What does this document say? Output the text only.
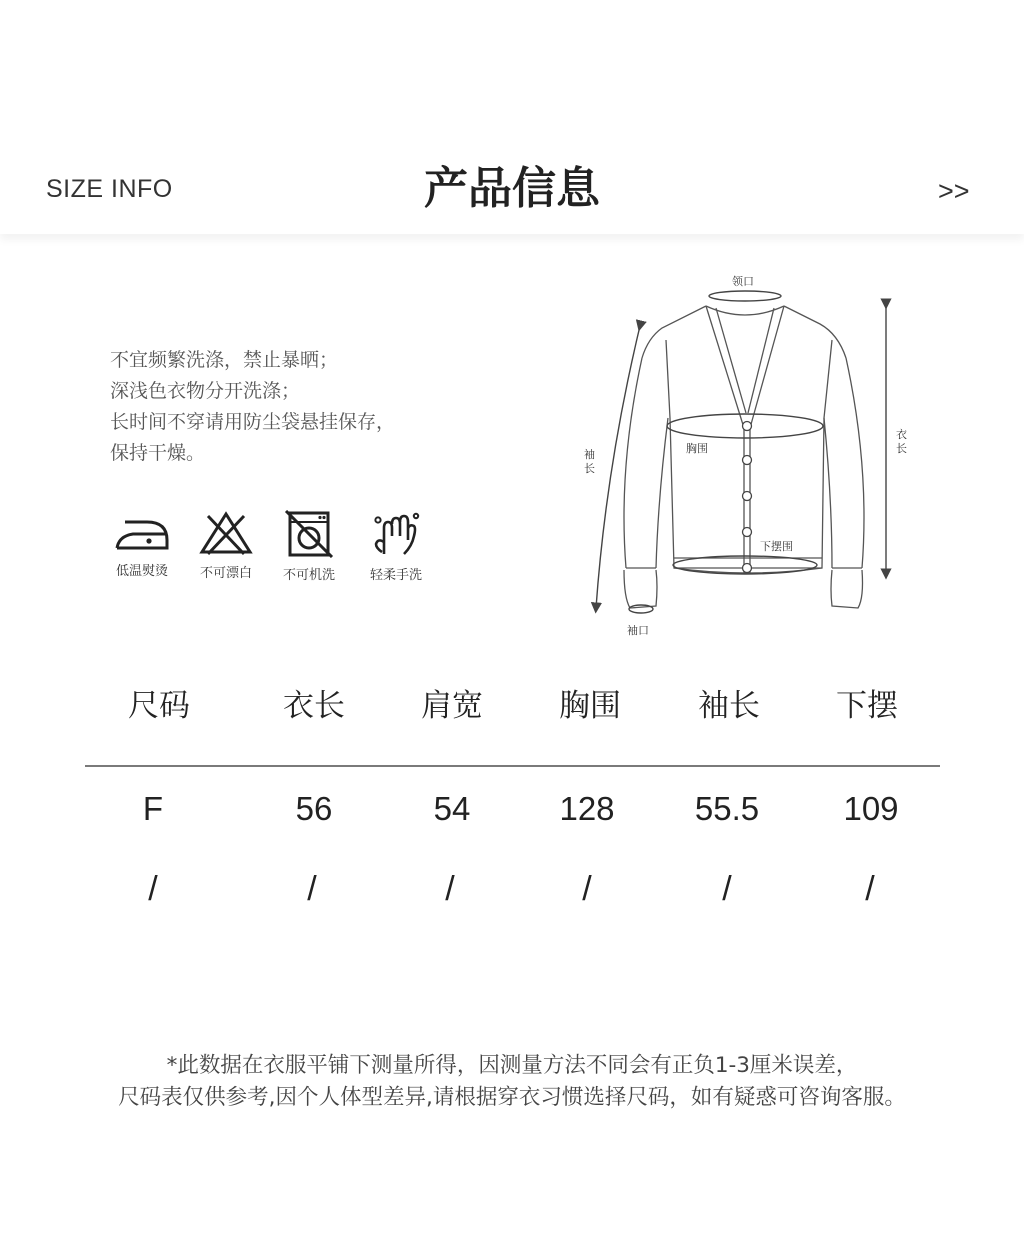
SIZE INFO	产品信息	>>
不宜频繁洗涤，禁止暴晒；
深浅色衣物分开洗涤；
长时间不穿请用防尘袋悬挂保存，
保持干燥。
低温熨烫	不可漂白	不可机洗	轻柔手洗
领口
胸围
下摆围
袖口
袖
长
衣
长
尺码	衣长	肩宽	胸围	袖长	下摆
F	56	54	128	55.5	109
/	/	/	/	/	/
*此数据在衣服平铺下测量所得，因测量方法不同会有正负1-3厘米误差，
尺码表仅供参考,因个人体型差异,请根据穿衣习惯选择尺码，如有疑惑可咨询客服。
